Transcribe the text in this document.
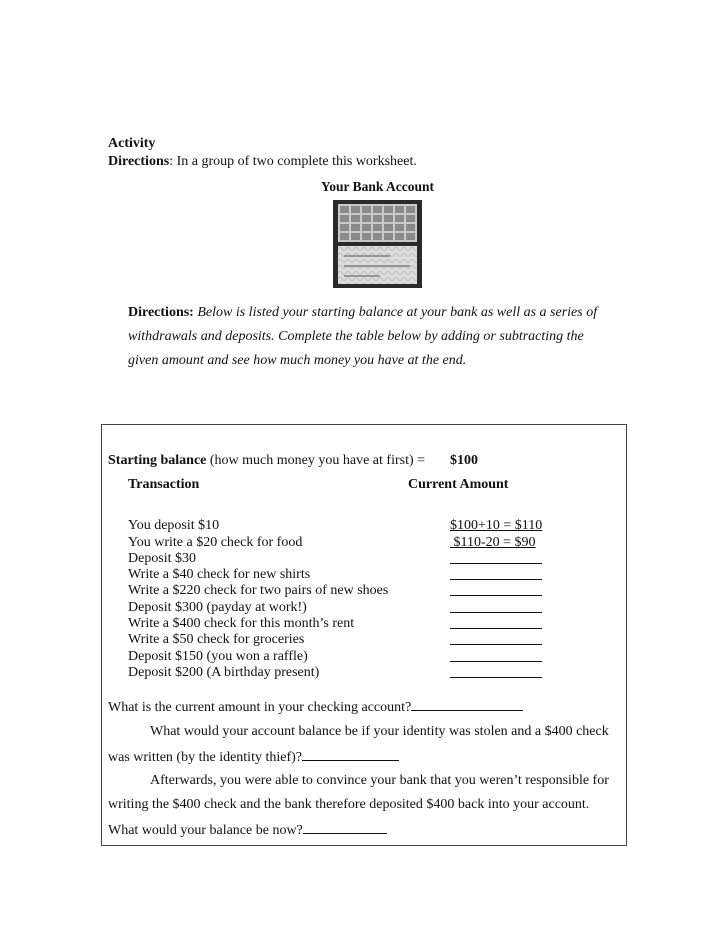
Activity
Directions: In a group of two complete this worksheet.
Your Bank Account
Directions: Below is listed your starting balance at your bank as well as a series of
withdrawals and deposits. Complete the table below by adding or subtracting the
given amount and see how much money you have at the end.
Starting balance (how much money you have at first) = $100
Transaction	Current Amount
You deposit $10	$100+10 = $110
You write a $20 check for food	$110-20 = $90
Deposit $30
Write a $40 check for new shirts
Write a $220 check for two pairs of new shoes
Deposit $300 (payday at work!)
Write a $400 check for this month’s rent
Write a $50 check for groceries
Deposit $150 (you won a raffle)
Deposit $200 (A birthday present)
What is the current amount in your checking account?
What would your account balance be if your identity was stolen and a $400 check
was written (by the identity thief)?
Afterwards, you were able to convince your bank that you weren’t responsible for
writing the $400 check and the bank therefore deposited $400 back into your account.
What would your balance be now?
